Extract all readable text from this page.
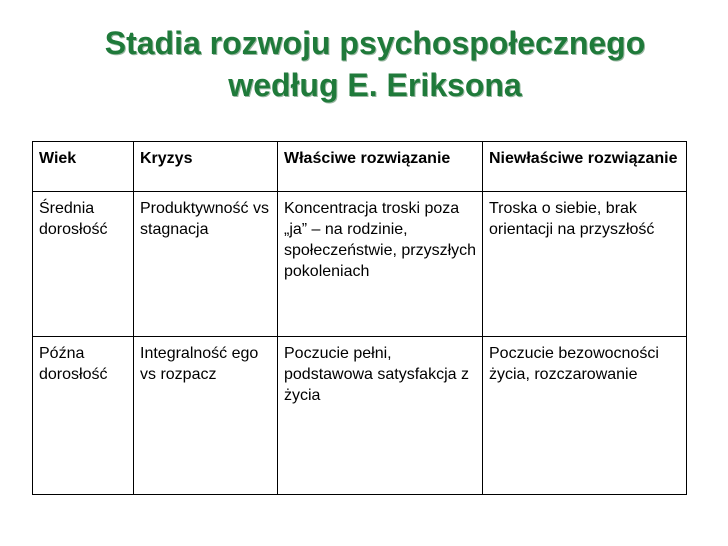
Stadia rozwoju psychospołecznego
według E. Eriksona
Wiek	Kryzys	Właściwe rozwiązanie	Niewłaściwe rozwiązanie
Średnia dorosłość	Produktywność vs stagnacja	Koncentracja troski poza „ja” – na rodzinie, społeczeństwie, przyszłych pokoleniach	Troska o siebie, brak orientacji na przyszłość
Późna dorosłość	Integralność ego vs rozpacz	Poczucie pełni, podstawowa satysfakcja z życia	Poczucie bezowocności życia, rozczarowanie
